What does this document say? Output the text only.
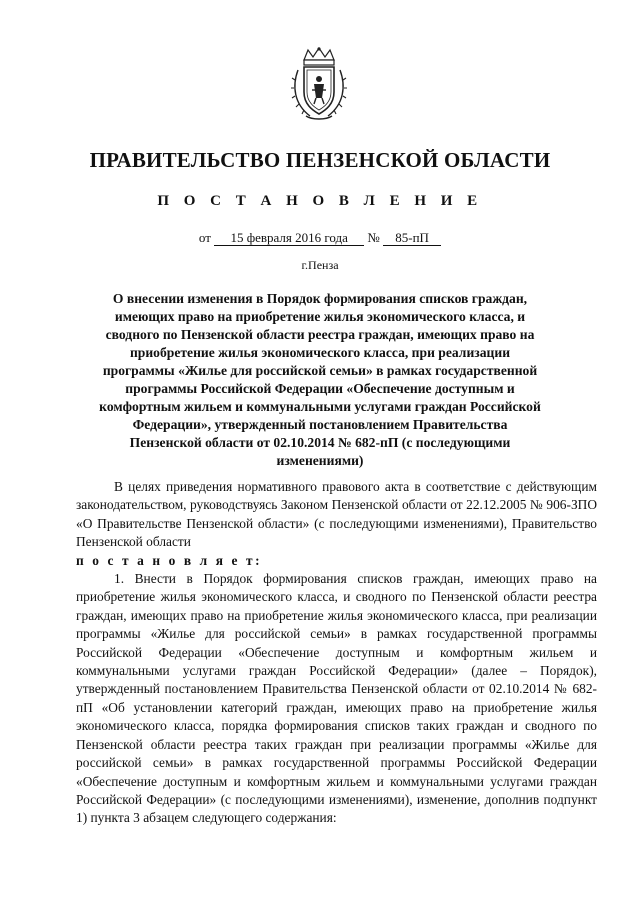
ПРАВИТЕЛЬСТВО ПЕНЗЕНСКОЙ ОБЛАСТИ
П О С Т А Н О В Л Е Н И Е
от 15 февраля 2016 года № 85-пП
г.Пенза
О внесении изменения в Порядок формирования списков граждан, имеющих право на приобретение жилья экономического класса, и сводного по Пензенской области реестра граждан, имеющих право на приобретение жилья экономического класса, при реализации программы «Жилье для российской семьи» в рамках государственной программы Российской Федерации «Обеспечение доступным и комфортным жильем и коммунальными услугами граждан Российской Федерации», утвержденный постановлением Правительства Пензенской области от 02.10.2014 № 682-пП (с последующими изменениями)

В целях приведения нормативного правового акта в соответствие с действующим законодательством, руководствуясь Законом Пензенской области от 22.12.2005 № 906-ЗПО «О Правительстве Пензенской области» (с последующими изменениями), Правительство Пензенской области

п о с т а н о в л я е т:

1. Внести в Порядок формирования списков граждан, имеющих право на приобретение жилья экономического класса, и сводного по Пензенской области реестра граждан, имеющих право на приобретение жилья экономического класса, при реализации программы «Жилье для российской семьи» в рамках государственной программы Российской Федерации «Обеспечение доступным и комфортным жильем и коммунальными услугами граждан Российской Федерации» (далее – Порядок), утвержденный постановлением Правительства Пензенской области от 02.10.2014 № 682-пП «Об установлении категорий граждан, имеющих право на приобретение жилья экономического класса, порядка формирования списков таких граждан и сводного по Пензенской области реестра таких граждан при реализации программы «Жилье для российской семьи» в рамках государственной программы Российской Федерации «Обеспечение доступным и комфортным жильем и коммунальными услугами граждан Российской Федерации» (с последующими изменениями), изменение, дополнив подпункт 1) пункта 3 абзацем следующего содержания:
